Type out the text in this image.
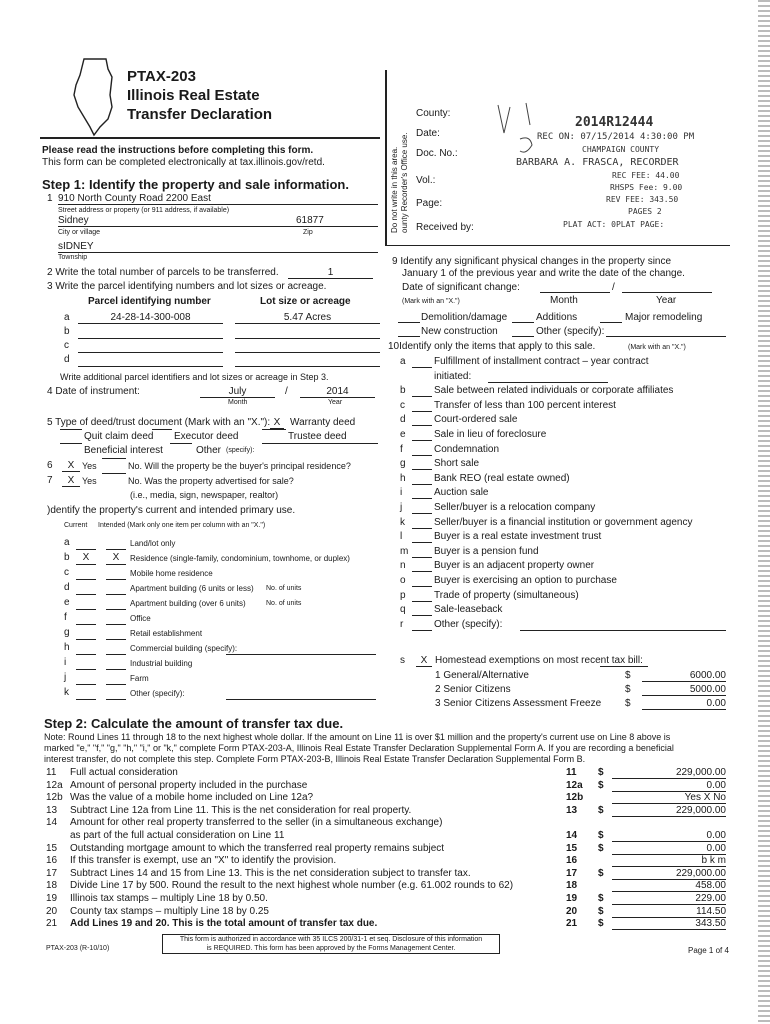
PTAX-203
Illinois Real Estate
Transfer Declaration
Please read the instructions before completing this form.
This form can be completed electronically at tax.illinois.gov/retd.	Do not write in this area. ounty Recorder's Office use.
County:
Date:
Doc. No.:
Vol.:
Page:
Received by:
2014R12444
REC ON: 07/15/2014 4:30:00 PM
CHAMPAIGN COUNTY
BARBARA A. FRASCA, RECORDER
REC FEE: 44.00
RHSPS Fee: 9.00
REV FEE: 343.50
PAGES 2
PLAT ACT: 0PLAT PAGE:
Step 1: Identify the property and sale information.
1 910 North County Road 2200 East
Street address or property (or 911 address, if available)
Sidney	61877
City or village	Zip
sIDNEY
Township
2 Write the total number of parcels to be transferred.	1
3 Write the parcel identifying numbers and lot sizes or acreage.
Parcel identifying number	Lot size or acreage
a	24-28-14-300-008	5.47 Acres
b
c
d
Write additional parcel identifiers and lot sizes or acreage in Step 3.
4 Date of instrument:	July	/	2014
Month	Year
5 Type of deed/trust document (Mark with an "X."): X Warranty deed
Quit claim deed Executor deed	Trustee deed
Beneficial interest	Other (specify):
6	X Yes	No. Will the property be the buyer's principal residence?
7	X Yes	No. Was the property advertised for sale?
(i.e., media, sign, newspaper, realtor)
)dentify the property's current and intended primary use.
Current Intended (Mark only one item per column with an "X.")
a	Land/lot only
b	X	X	Residence (single-family, condominium, townhome, or duplex)
c	Mobile home residence
d	Apartment building (6 units or less) No. of units
e	Apartment building (over 6 units)	No. of units
f	Office
g	Retail establishment
h	Commercial building (specify):
i	Industrial building
j	Farm
k	Other (specify):
9 Identify any significant physical changes in the property since
January 1 of the previous year and write the date of the change.
Date of significant change:	/
(Mark with an "X.")	Month	Year
Demolition/damage	Additions	Major remodeling
New construction	Other (specify):
10Identify only the items that apply to this sale.	(Mark with an "X.")
a	Fulfillment of installment contract – year contract
initiated:
b	Sale between related individuals or corporate affiliates
c	Transfer of less than 100 percent interest
d	Court-ordered sale
e	Sale in lieu of foreclosure
f	Condemnation
g	Short sale
h	Bank REO (real estate owned)
i	Auction sale
j	Seller/buyer is a relocation company
k	Seller/buyer is a financial institution or government agency
l	Buyer is a real estate investment trust
m	Buyer is a pension fund
n	Buyer is an adjacent property owner
o	Buyer is exercising an option to purchase
p	Trade of property (simultaneous)
q	Sale-leaseback
r	Other (specify):
s	X Homestead exemptions on most recent tax bill:
1 General/Alternative	$	6000.00
2 Senior Citizens	$	5000.00
3 Senior Citizens Assessment Freeze $	0.00
Step 2: Calculate the amount of transfer tax due.
Note: Round Lines 11 through 18 to the next highest whole dollar. If the amount on Line 11 is over $1 million and the property's current use on Line 8 above is
marked "e," "f," "g," "h," "i," or "k," complete Form PTAX-203-A, Illinois Real Estate Transfer Declaration Supplemental Form A. If you are recording a beneficial
interest transfer, do not complete this step. Complete Form PTAX-203-B, Illinois Real Estate Transfer Declaration Supplemental Form B.
11 Full actual consideration	11 $	229,000.00
12a Amount of personal property included in the purchase	12a $	0.00
12b Was the value of a mobile home included on Line 12a?	12b	Yes X No
13 Subtract Line 12a from Line 11. This is the net consideration for real property.	13 $	229,000.00
14 Amount for other real property transferred to the seller (in a simultaneous exchange)
as part of the full actual consideration on Line 11	14 $	0.00
15 Outstanding mortgage amount to which the transferred real property remains subject	15 $	0.00
16 If this transfer is exempt, use an "X" to identify the provision.	16	b k m
17 Subtract Lines 14 and 15 from Line 13. This is the net consideration subject to transfer tax.	17 $	229,000.00
18 Divide Line 17 by 500. Round the result to the next highest whole number (e.g. 61.002 rounds to 62)	18	458.00
19 Illinois tax stamps – multiply Line 18 by 0.50.	19 $	229.00
20 County tax stamps – multiply Line 18 by 0.25	20 $	114.50
21 Add Lines 19 and 20. This is the total amount of transfer tax due.	21 $	343.50
PTAX-203 (R-10/10)
This form is authorized in accordance with 35 ILCS 200/31-1 et seq. Disclosure of this information
is REQUIRED. This form has been approved by the Forms Management Center.	Page 1 of 4
